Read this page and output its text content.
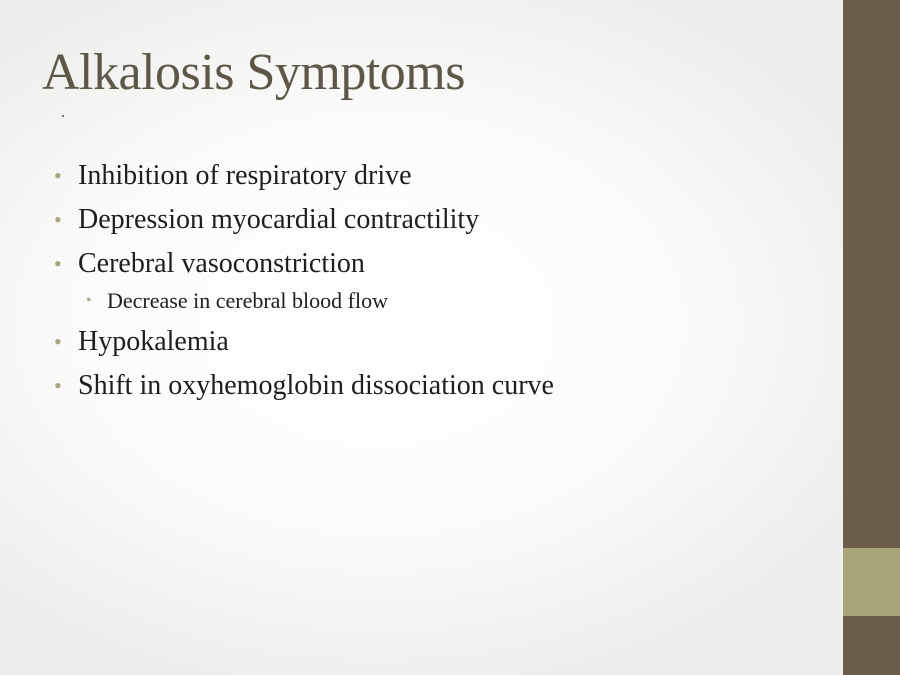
Alkalosis Symptoms
• Inhibition of respiratory drive
• Depression myocardial contractility
• Cerebral vasoconstriction
• Decrease in cerebral blood flow
• Hypokalemia
• Shift in oxyhemoglobin dissociation curve
